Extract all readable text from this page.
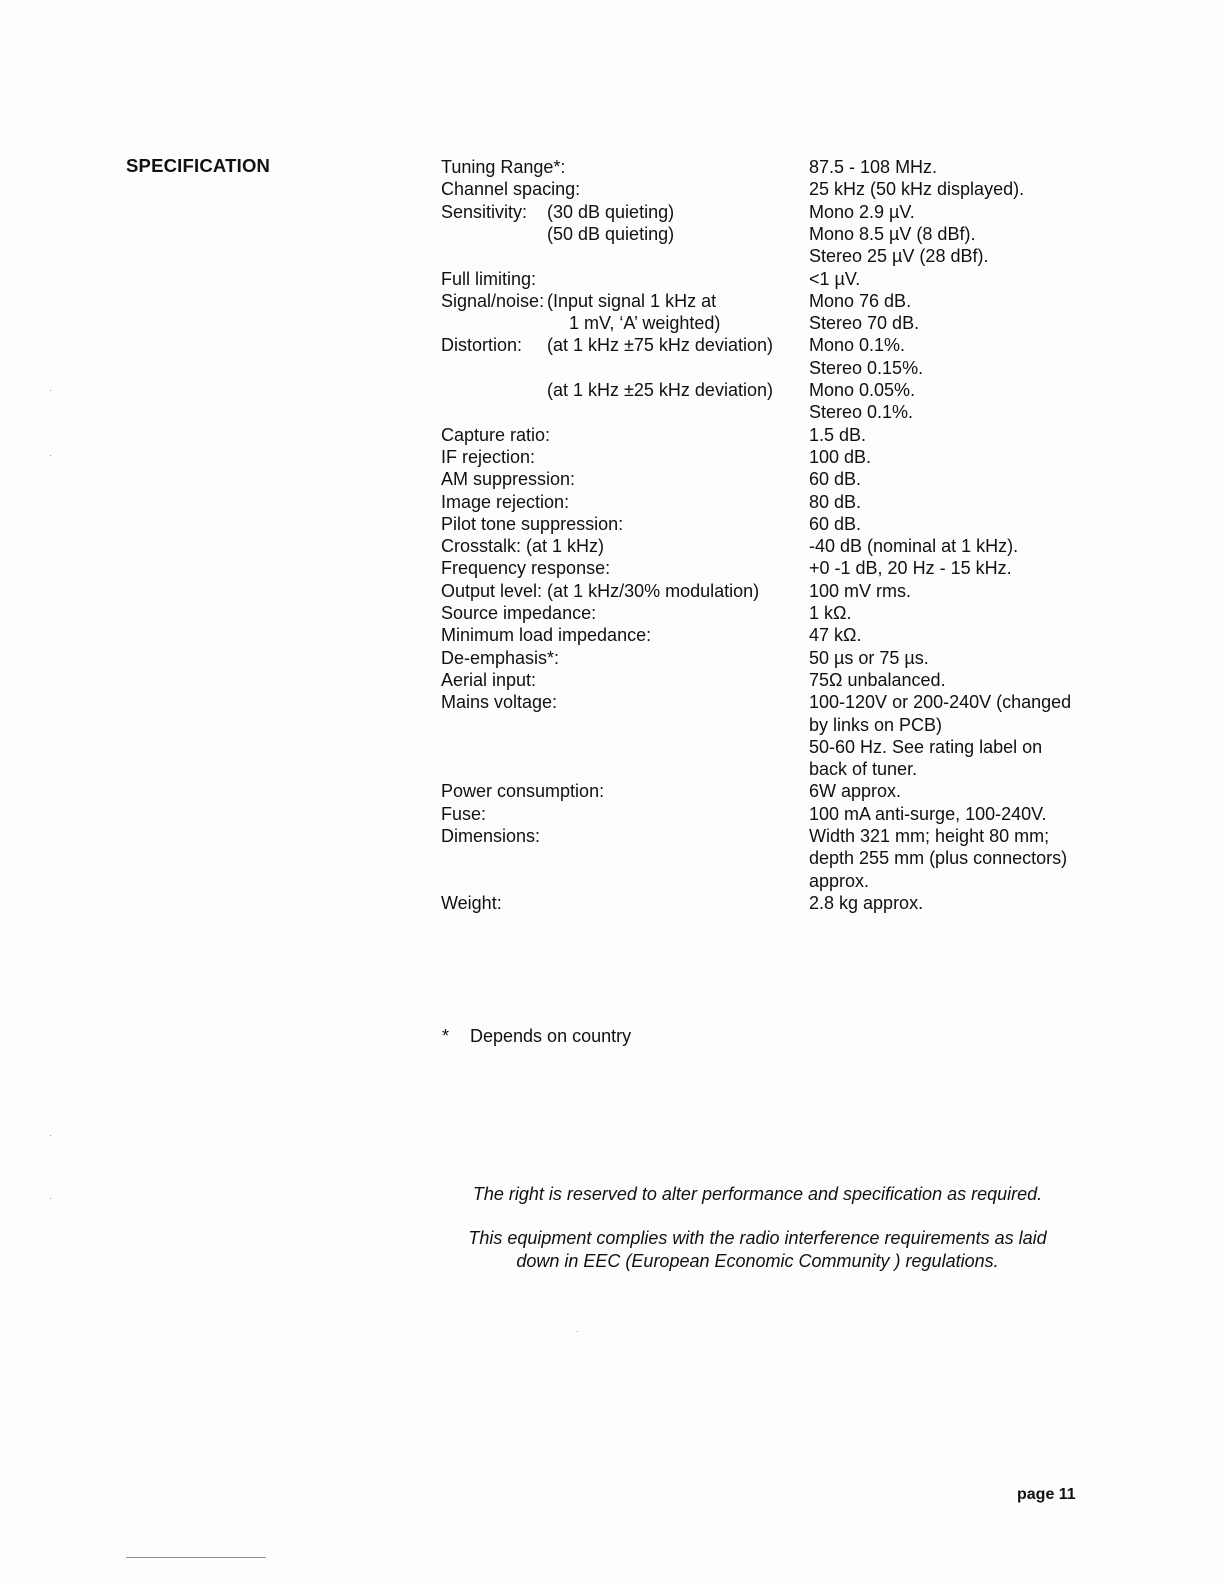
SPECIFICATION	Tuning Range*:	87.5 - 108 MHz.
Channel spacing:	25 kHz (50 kHz displayed).
Sensitivity: (30 dB quieting)	Mono 2.9 µV.
(50 dB quieting)	Mono 8.5 µV (8 dBf).
Stereo 25 µV (28 dBf).
Full limiting:	<1 µV.
Signal/noise: (Input signal 1 kHz at	Mono 76 dB.
1 mV, ‘A’ weighted)	Stereo 70 dB.
Distortion: (at 1 kHz ±75 kHz deviation) Mono 0.1%.
Stereo 0.15%.
(at 1 kHz ±25 kHz deviation) Mono 0.05%.
Stereo 0.1%.
Capture ratio:	1.5 dB.
IF rejection:	100 dB.
AM suppression:	60 dB.
Image rejection:	80 dB.
Pilot tone suppression:	60 dB.
Crosstalk: (at 1 kHz)	-40 dB (nominal at 1 kHz).
Frequency response:	+0 -1 dB, 20 Hz - 15 kHz.
Output level: (at 1 kHz/30% modulation)	100 mV rms.
Source impedance:	1 kΩ.
Minimum load impedance:	47 kΩ.
De-emphasis*:	50 µs or 75 µs.
Aerial input:	75Ω unbalanced.
Mains voltage:	100-120V or 200-240V (changed
by links on PCB)
50-60 Hz. See rating label on
back of tuner.
Power consumption:	6W approx.
Fuse:	100 mA anti-surge, 100-240V.
Dimensions:	Width 321 mm; height 80 mm;
depth 255 mm (plus connectors)
approx.
Weight:	2.8 kg approx.
* Depends on country
The right is reserved to alter performance and specification as required.
This equipment complies with the radio interference requirements as laid
down in EEC (European Economic Community ) regulations.
page 11
